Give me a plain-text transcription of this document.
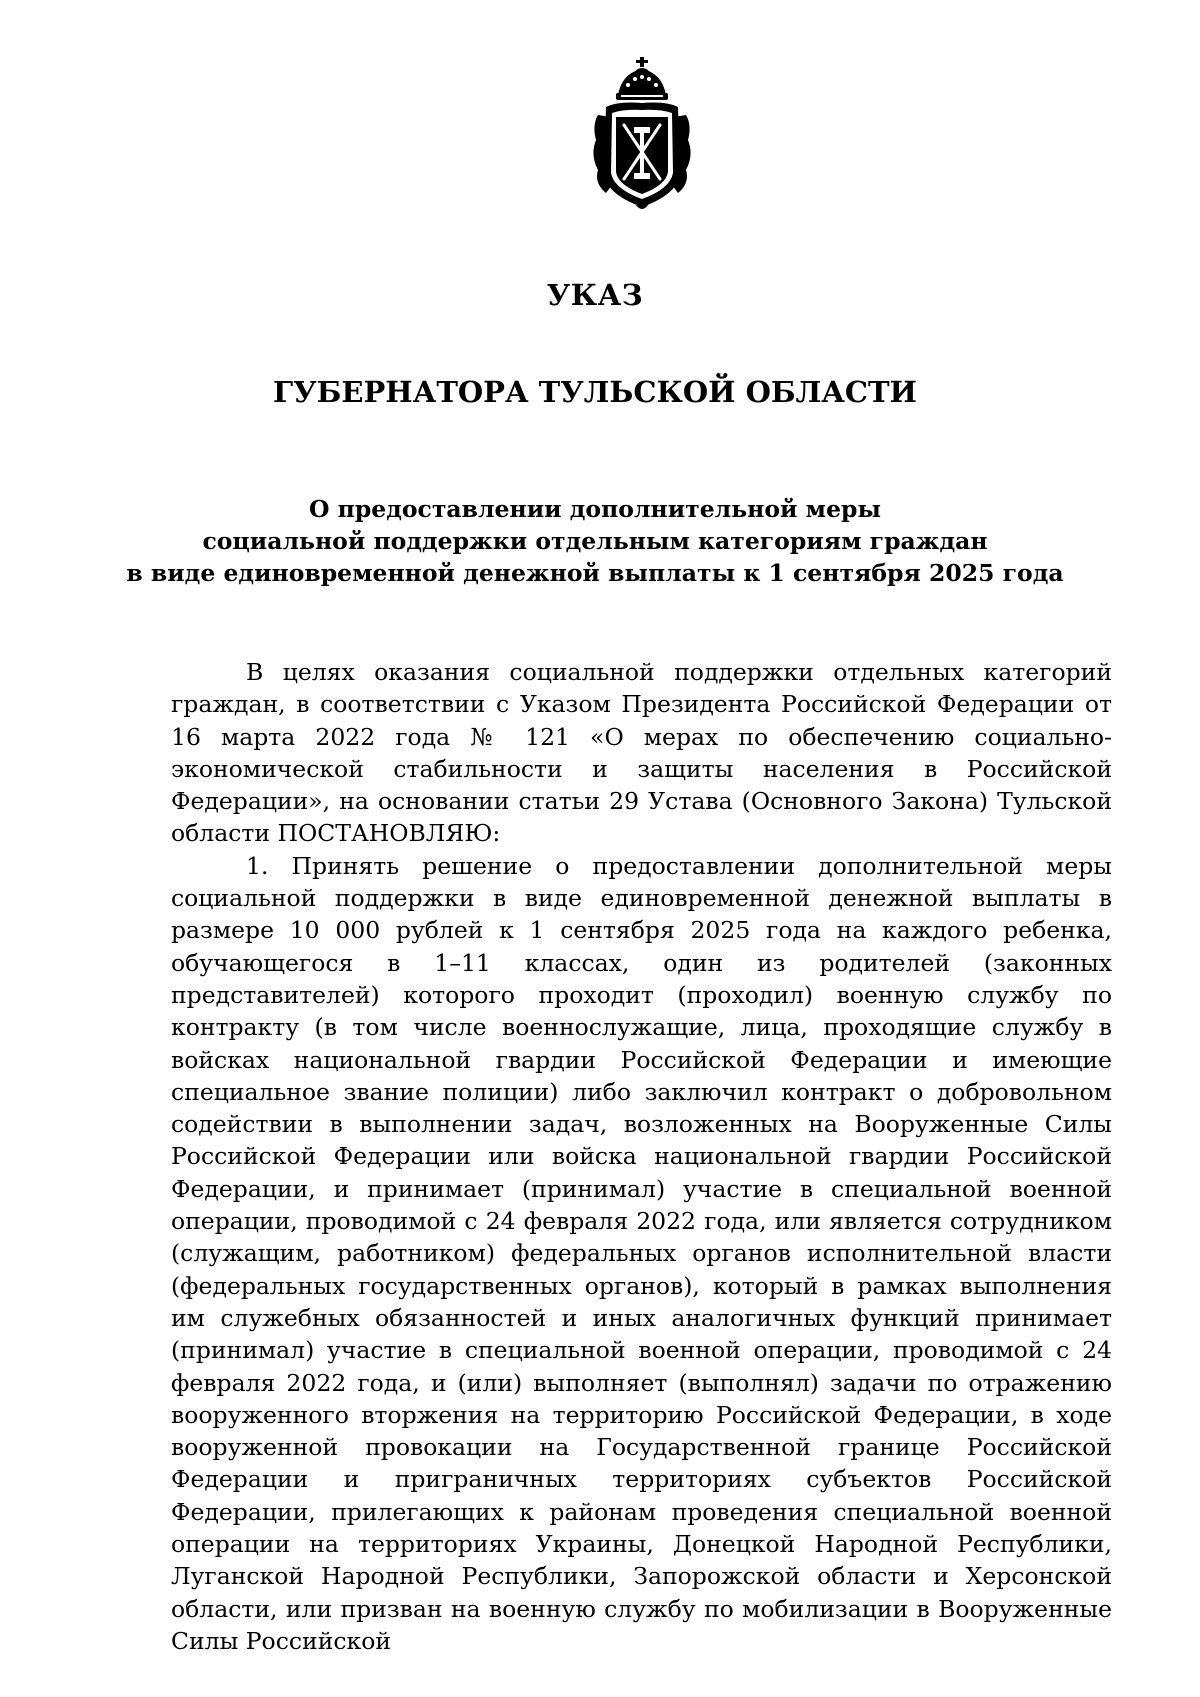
УКАЗ
ГУБЕРНАТОРА ТУЛЬСКОЙ ОБЛАСТИ
О предоставлении дополнительной меры
социальной поддержки отдельным категориям граждан
в виде единовременной денежной выплаты к 1 сентября 2025 года

В целях оказания социальной поддержки отдельных категорий граждан, в соответствии с Указом Президента Российской Федерации от 16 марта 2022 года № 121 «О мерах по обеспечению социально-экономической стабильности и защиты населения в Российской Федерации», на основании статьи 29 Устава (Основного Закона) Тульской области ПОСТАНОВЛЯЮ:

1. Принять решение о предоставлении дополнительной меры социальной поддержки в виде единовременной денежной выплаты в размере 10 000 рублей к 1 сентября 2025 года на каждого ребенка, обучающегося в 1–11 классах, один из родителей (законных представителей) которого проходит (проходил) военную службу по контракту (в том числе военнослужащие, лица, проходящие службу в войсках национальной гвардии Российской Федерации и имеющие специальное звание полиции) либо заключил контракт о добровольном содействии в выполнении задач, возложенных на Вооруженные Силы Российской Федерации или войска национальной гвардии Российской Федерации, и принимает (принимал) участие в специальной военной операции, проводимой с 24 февраля 2022 года, или является сотрудником (служащим, работником) федеральных органов исполнительной власти (федеральных государственных органов), который в рамках выполнения им служебных обязанностей и иных аналогичных функций принимает (принимал) участие в специальной военной операции, проводимой с 24 февраля 2022 года, и (или) выполняет (выполнял) задачи по отражению вооруженного вторжения на территорию Российской Федерации, в ходе вооруженной провокации на Государственной границе Российской Федерации и приграничных территориях субъектов Российской Федерации, прилегающих к районам проведения специальной военной операции на территориях Украины, Донецкой Народной Республики, Луганской Народной Республики, Запорожской области и Херсонской области, или призван на военную службу по мобилизации в Вооруженные Силы Российской
